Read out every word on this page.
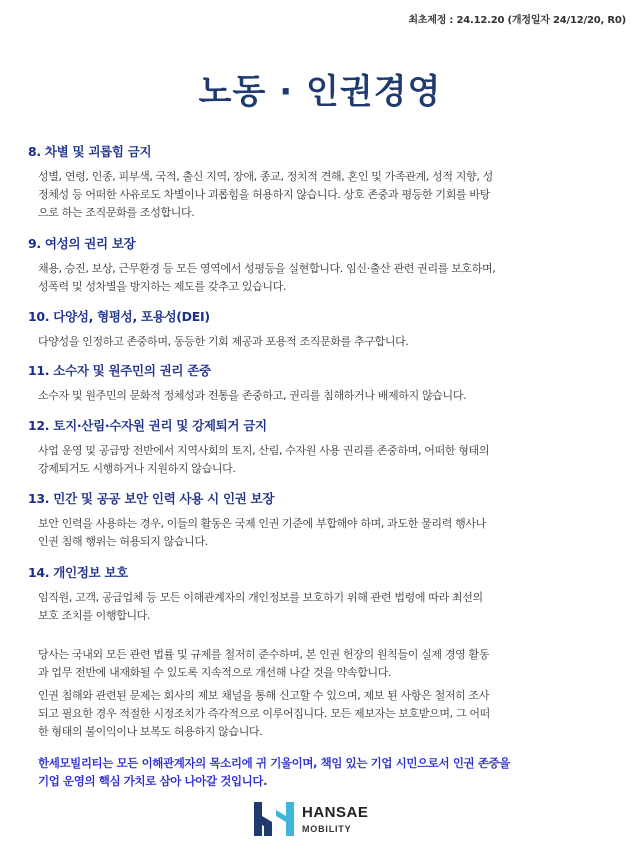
최초제정 : 24.12.20 (개정일자 24/12/20, R0)
노동 · 인권경영
8. 차별 및 괴롭힘 금지
성별, 연령, 인종, 피부색, 국적, 출신 지역, 장애, 종교, 정치적 견해, 혼인 및 가족관계, 성적 지향, 성
정체성 등 어떠한 사유로도 차별이나 괴롭힘을 허용하지 않습니다. 상호 존중과 평등한 기회를 바탕
으로 하는 조직문화를 조성합니다.
9. 여성의 권리 보장
채용, 승진, 보상, 근무환경 등 모든 영역에서 성평등을 실현합니다. 임신·출산 관련 권리를 보호하며,
성폭력 및 성차별을 방지하는 제도를 갖추고 있습니다.
10. 다양성, 형평성, 포용성(DEI)
다양성을 인정하고 존중하며, 동등한 기회 제공과 포용적 조직문화를 추구합니다.
11. 소수자 및 원주민의 권리 존중
소수자 및 원주민의 문화적 정체성과 전통을 존중하고, 권리를 침해하거나 배제하지 않습니다.
12. 토지·산림·수자원 권리 및 강제퇴거 금지
사업 운영 및 공급망 전반에서 지역사회의 토지, 산림, 수자원 사용 권리를 존중하며, 어떠한 형태의
강제퇴거도 시행하거나 지원하지 않습니다.
13. 민간 및 공공 보안 인력 사용 시 인권 보장
보안 인력을 사용하는 경우, 이들의 활동은 국제 인권 기준에 부합해야 하며, 과도한 물리력 행사나
인권 침해 행위는 허용되지 않습니다.
14. 개인정보 보호
임직원, 고객, 공급업체 등 모든 이해관계자의 개인정보를 보호하기 위해 관련 법령에 따라 최선의
보호 조치를 이행합니다.

당사는 국내외 모든 관련 법률 및 규제를 철저히 준수하며, 본 인권 헌장의 원칙들이 실제 경영 활동
과 업무 전반에 내재화될 수 있도록 지속적으로 개선해 나갈 것을 약속합니다.

인권 침해와 관련된 문제는 회사의 제보 채널을 통해 신고할 수 있으며, 제보 된 사항은 철저히 조사
되고 필요한 경우 적절한 시정조치가 즉각적으로 이루어집니다. 모든 제보자는 보호받으며, 그 어떠
한 형태의 불이익이나 보복도 허용하지 않습니다.

한세모빌리티는 모든 이해관계자의 목소리에 귀 기울이며, 책임 있는 기업 시민으로서 인권 존중을
기업 운영의 핵심 가치로 삼아 나아갈 것입니다.

HANSAE
MOBILITY
